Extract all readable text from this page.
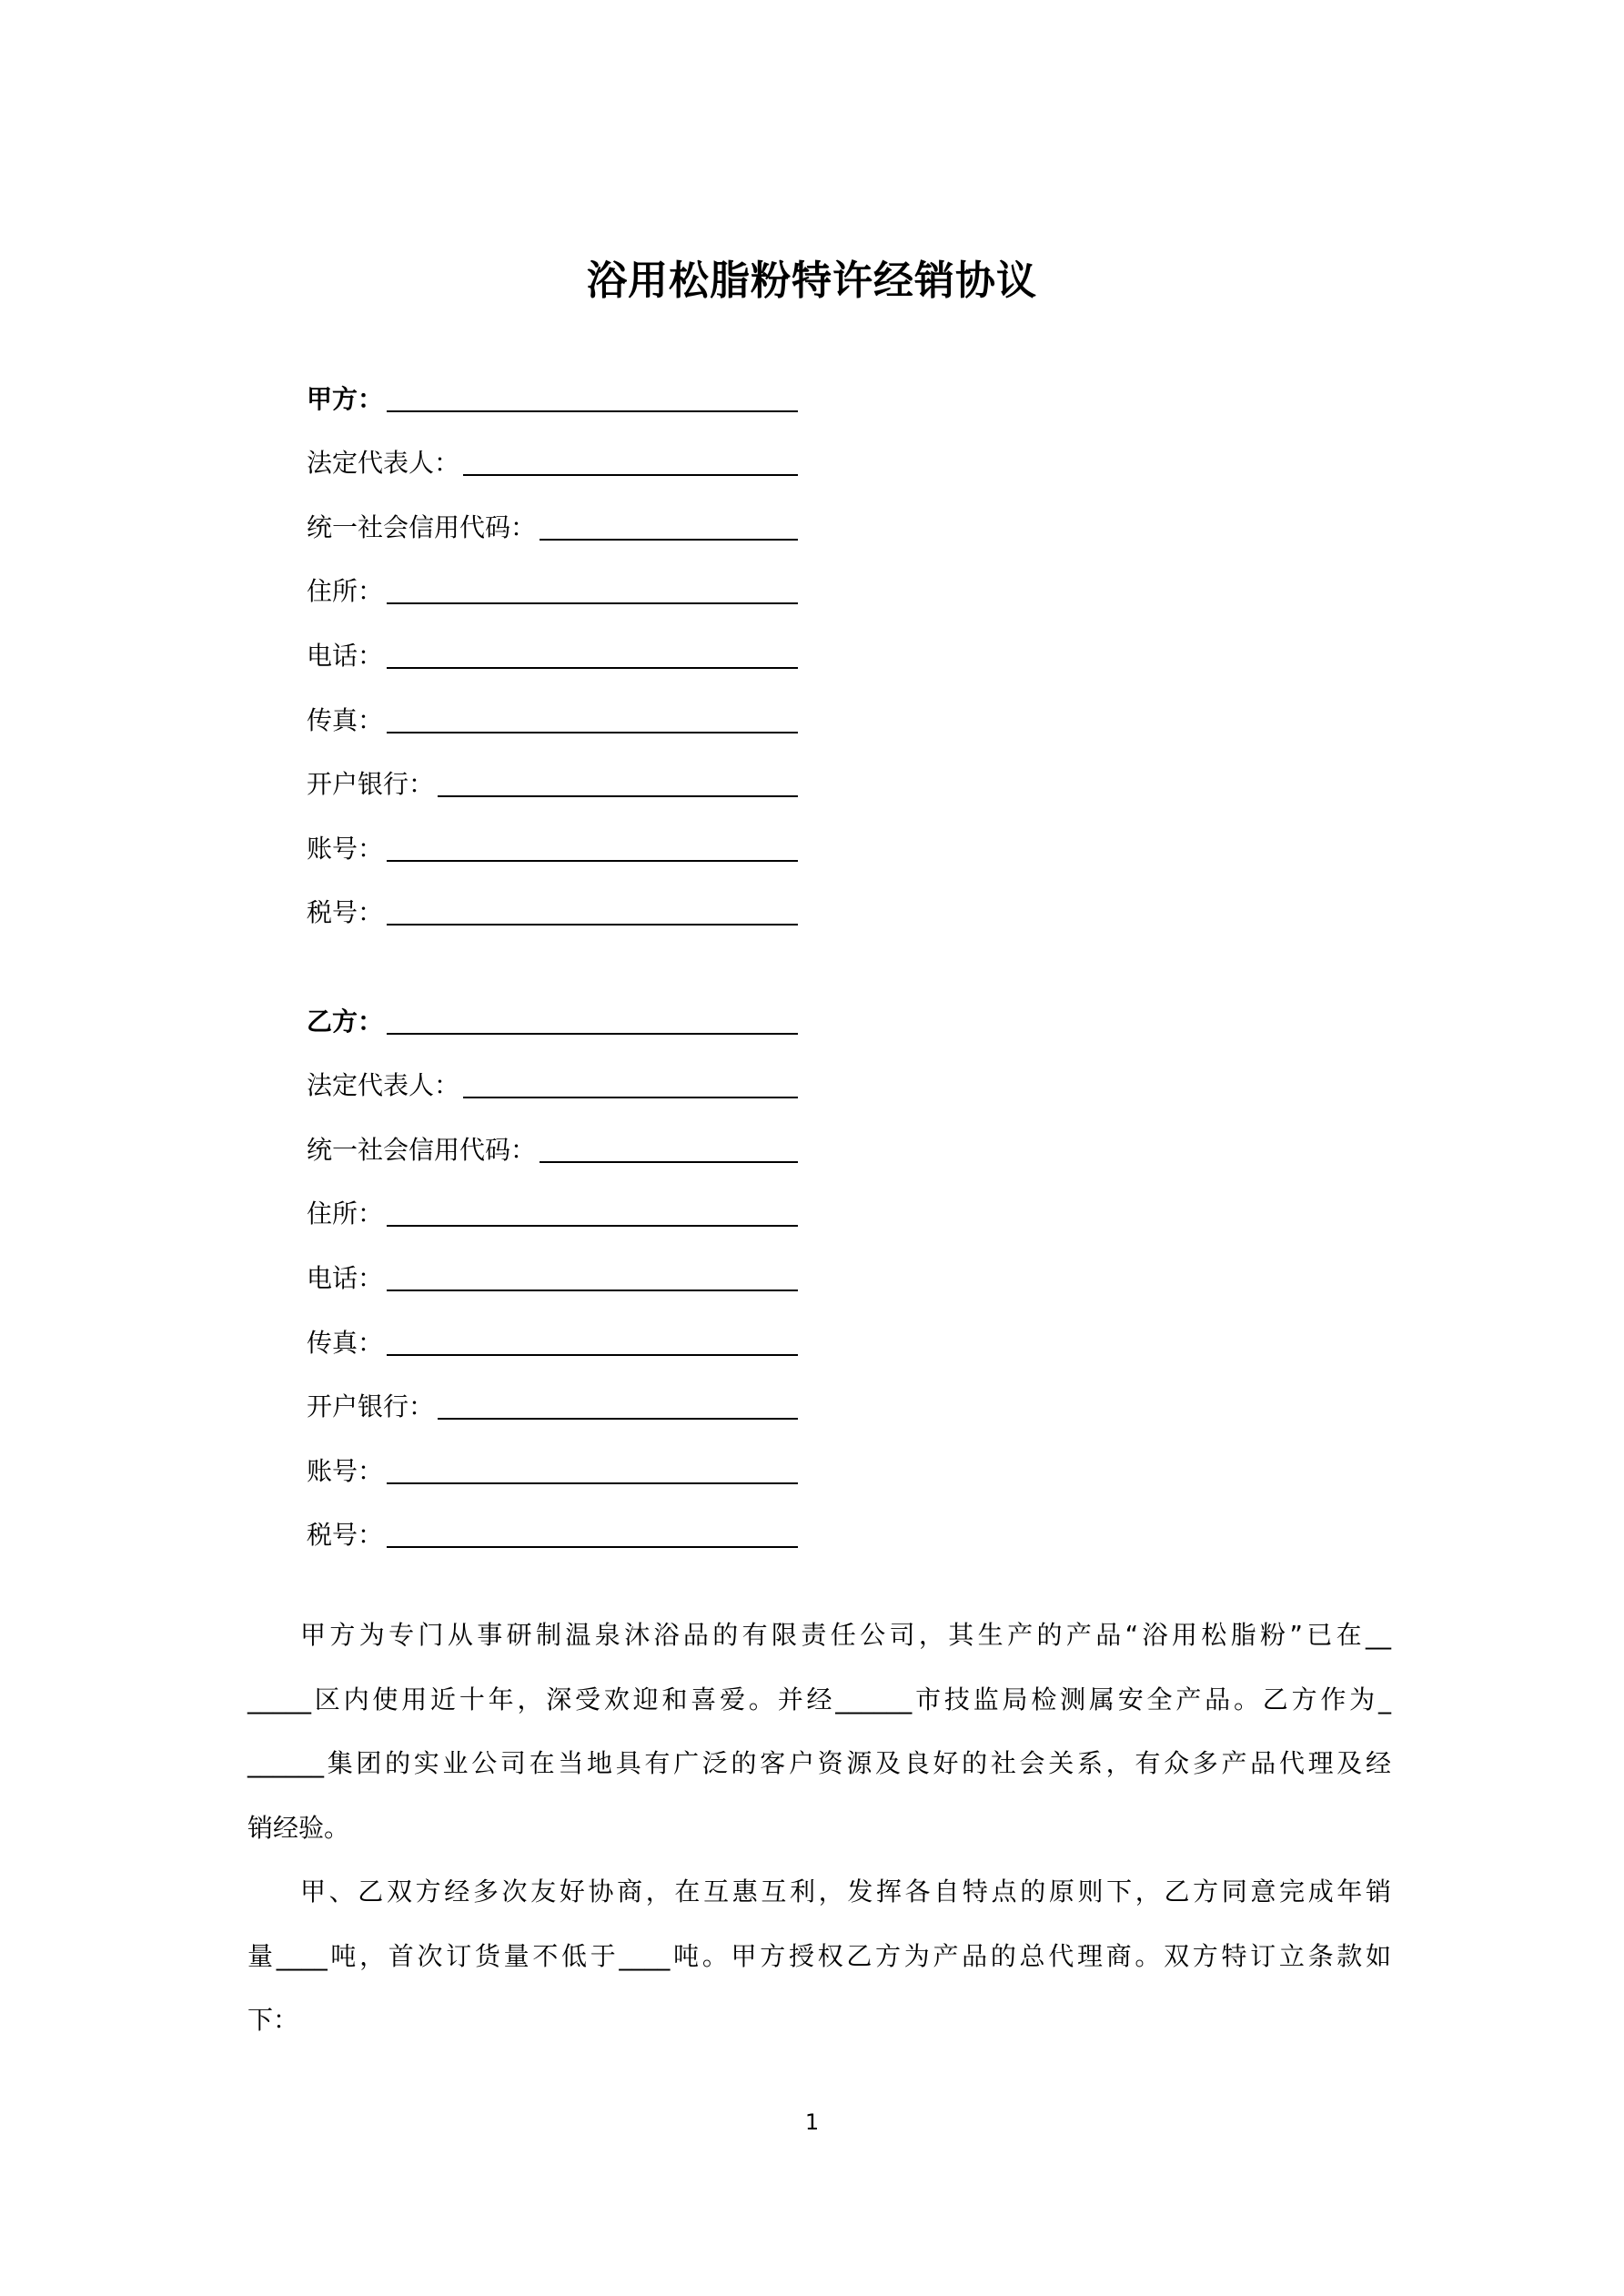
浴用松脂粉特许经销协议
甲方：
法定代表人：
统一社会信用代码：
住所：
电话：
传真：
开户银行：
账号：
税号：
乙方：
法定代表人：
统一社会信用代码：
住所：
电话：
传真：
开户银行：
账号：
税号：
甲方为专门从事研制温泉沐浴品的有限责任公司，其生产的产品“浴用松脂粉”已在__
_____区内使用近十年，深受欢迎和喜爱。并经______市技监局检测属安全产品。乙方作为_
______集团的实业公司在当地具有广泛的客户资源及良好的社会关系，有众多产品代理及经
销经验。
甲、乙双方经多次友好协商，在互惠互利，发挥各自特点的原则下，乙方同意完成年销
量____吨，首次订货量不低于____吨。甲方授权乙方为产品的总代理商。双方特订立条款如
下：
1
